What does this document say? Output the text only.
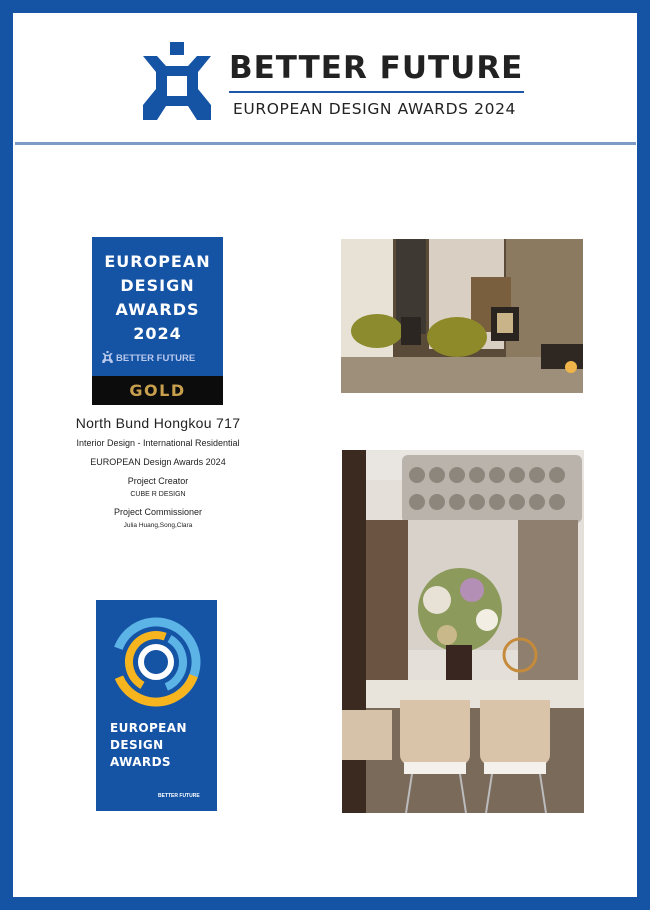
BETTER FUTURE
EUROPEAN DESIGN AWARDS 2024
EUROPEAN
DESIGN
AWARDS
2024
BETTER FUTURE
GOLD
North Bund Hongkou 717
Interior Design - International Residential
EUROPEAN Design Awards 2024
Project Creator
CUBE R DESIGN
Project Commissioner
Julia Huang,Song,Clara
EUROPEAN
DESIGN
AWARDS
BETTER FUTURE
